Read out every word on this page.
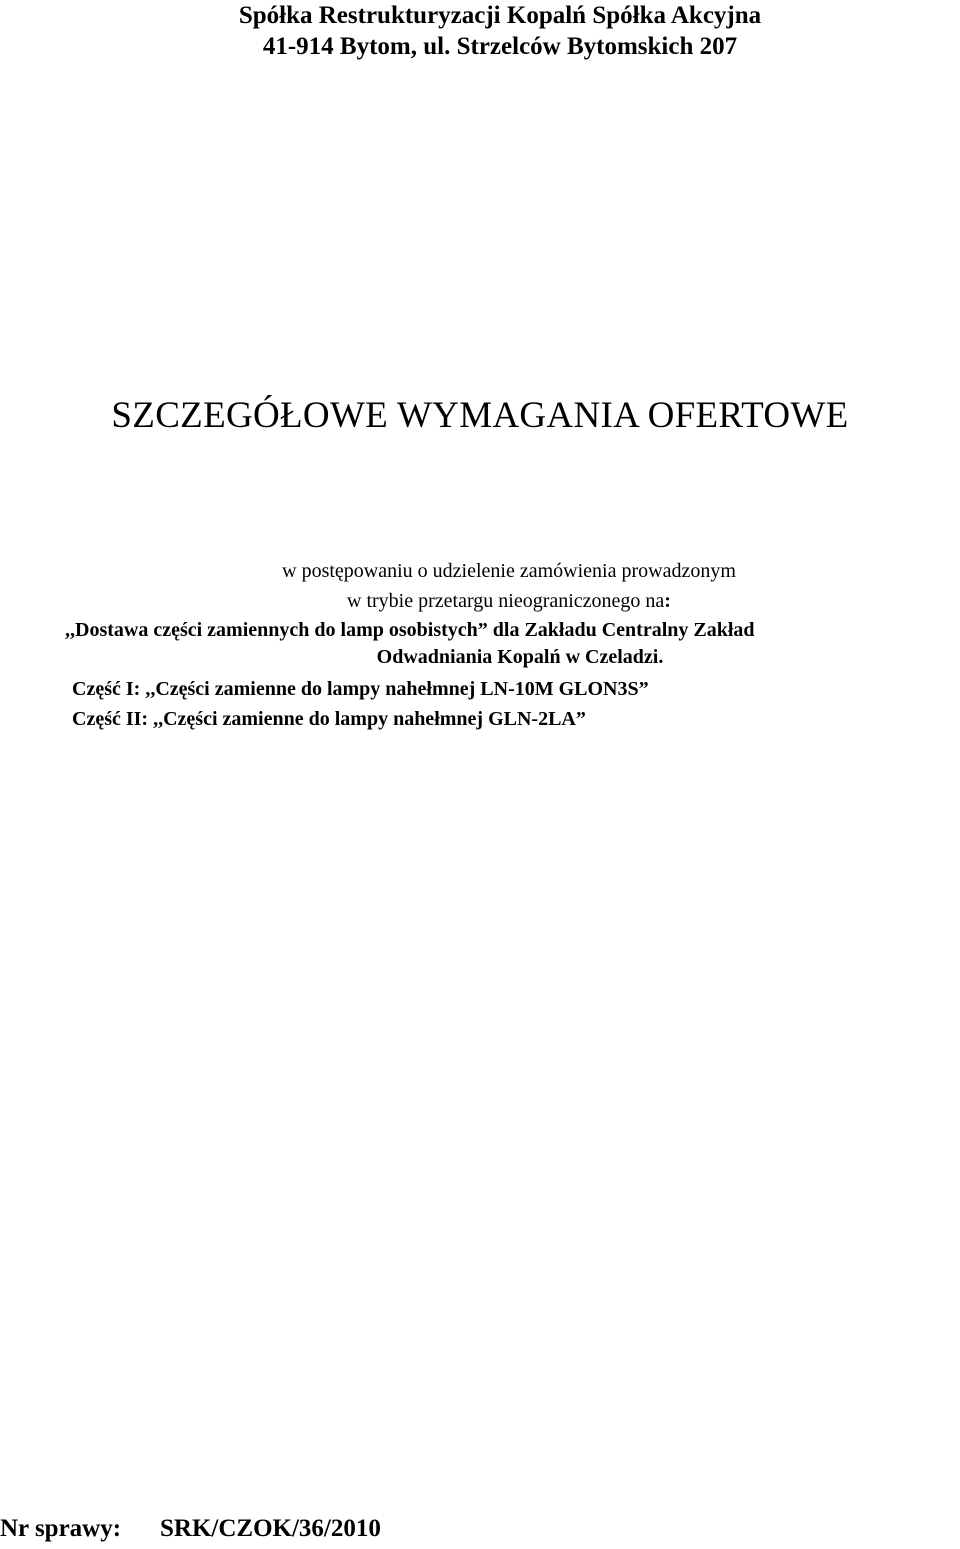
Spółka Restrukturyzacji Kopalń Spółka Akcyjna
41-914 Bytom, ul. Strzelców Bytomskich 207
SZCZEGÓŁOWE WYMAGANIA OFERTOWE
w postępowaniu o udzielenie zamówienia prowadzonym
w trybie przetargu nieograniczonego na:
,,Dostawa części zamiennych do lamp osobistych” dla Zakładu Centralny Zakład
Odwadniania Kopalń w Czeladzi.
Część I: ,,Części zamienne do lampy nahełmnej LN-10M GLON3S”
Część II: ,,Części zamienne do lampy nahełmnej GLN-2LA”
Nr sprawy: SRK/CZOK/36/2010
